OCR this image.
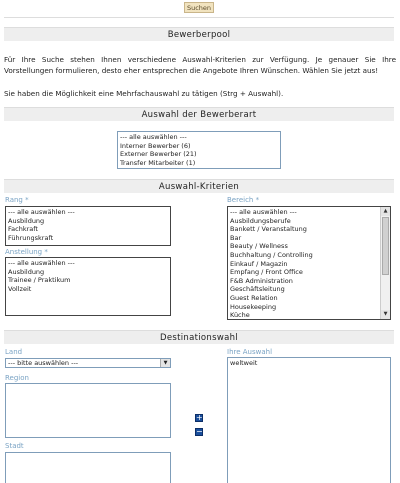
Suchen
Bewerberpool
Für Ihre Suche stehen Ihnen verschiedene Auswahl-Kriterien zur Verfügung. Je genauer Sie Ihre Vorstellungen formulieren, desto eher entsprechen die Angebote Ihren Wünschen. Wählen Sie jetzt aus!
Sie haben die Möglichkeit eine Mehrfachauswahl zu tätigen (Strg + Auswahl).
Auswahl der Bewerberart
--- alle auswählen ---
Interner Bewerber (6)
Externer Bewerber (21)
Transfer Mitarbeiter (1)
Auswahl-Kriterien
Rang *
--- alle auswählen ---
Ausbildung
Fachkraft
Führungskraft
Anstellung *
--- alle auswählen ---
Ausbildung
Trainee / Praktikum
Vollzeit
Bereich *
--- alle auswählen ---
Ausbildungsberufe
Bankett / Veranstaltung
Bar
Beauty / Wellness
Buchhaltung / Controlling
Einkauf / Magazin
Empfang / Front Office
F&B Administration
Geschäftsleitung
Guest Relation
Housekeeping
Küche
▲
▼
Destinationswahl
Land
--- bitte auswählen ---	▼
Region
Stadt
+
−
Ihre Auswahl
weltweit
